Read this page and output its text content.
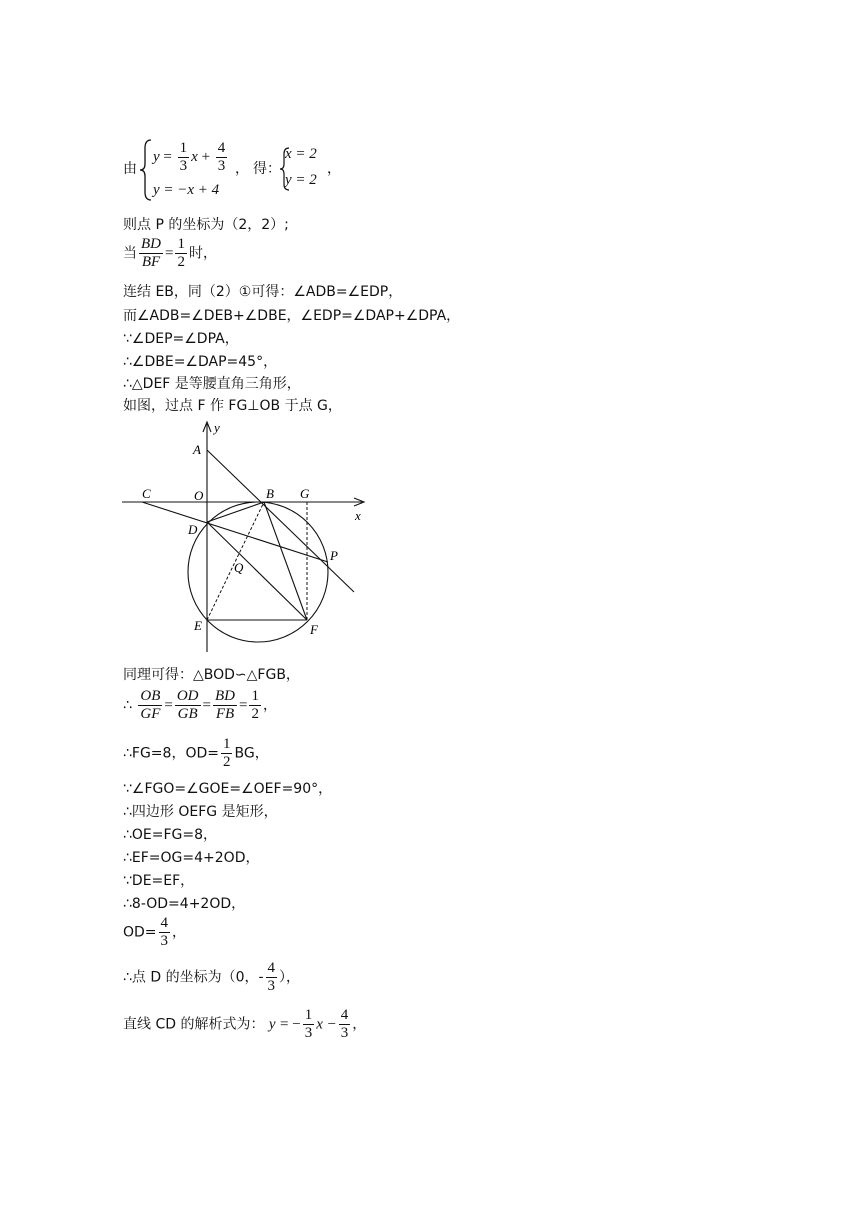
由
$y = \frac{1}{3}$ $x + \frac{4}{3}$ ，
y = −x + 4
得：
x = 2
y = 2
，
则点 P 的坐标为（2，2）;
当 $\frac{BD}{BF} = \frac{1}{2}$ 时，
连结 EB，同（2）①可得：∠ADB=∠EDP，
而∠ADB=∠DEB+∠DBE，∠EDP=∠DAP+∠DPA，
∵∠DEP=∠DPA，
∴∠DBE=∠DAP=45°，
∴△DEF 是等腰直角三角形，
如图，过点 F 作 FG⊥OB 于点 G，
y
x
A
B
C	O	G
D
P
Q
E	F
同理可得：△BOD∽△FGB，
∴ $\frac{OB}{GF} = \frac{OD}{GB} = \frac{BD}{FB} = \frac{1}{2}$ ，
∴FG=8，$OD= \frac{1}{2}$ BG，
∵∠FGO=∠GOE=∠OEF=90°，
∴四边形 OEFG 是矩形，
∴OE=FG=8，
∴EF=OG=4+2OD，
∵DE=EF，
∴8-OD=4+2OD，
$OD= \frac{4}{3}$ ，
∴点 D 的坐标为（0，- $\frac{4}{3}$ ），
直线 CD 的解析式为： y = − $\frac{1}{3}$ $x - \frac{4}{3}$ ，
